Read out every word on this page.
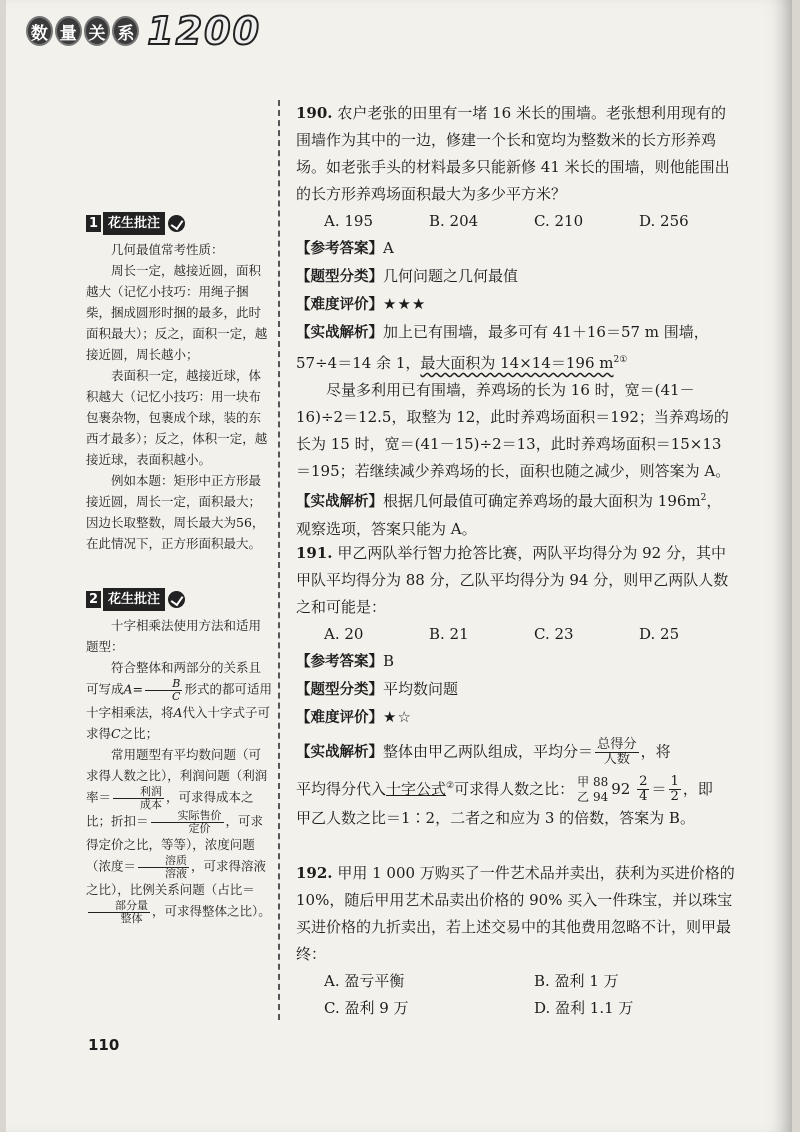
数 量 关 系 1200
1 花生批注

几何最值常考性质：

周长一定，越接近圆，面积越大（记忆小技巧：用绳子捆柴，捆成圆形时捆的最多，此时面积最大）；反之，面积一定，越接近圆，周长越小；

表面积一定，越接近球，体积越大（记忆小技巧：用一块布包裹杂物，包裹成个球，装的东西才最多）；反之，体积一定，越接近球，表面积越小。

例如本题：矩形中正方形最接近圆，周长一定，面积最大；因边长取整数，周长最大为56，在此情况下，正方形面积最大。

2 花生批注

十字相乘法使用方法和适用题型：

符合整体和两部分的关系且可写成$A= \frac{B}{C}$ 形式的都可适用十字相乘法，将A代入十字式子可求得C之比；

常用题型有平均数问题（可求得人数之比），利润问题（利润率＝ $\frac{\text{利润}}{\text{成本}}$ ，可求得成本之比；折扣＝ $\frac{\text{实际售价}}{\text{定价}}$ ，可求得定价之比，等等），浓度问题（浓度＝ $\frac{\text{溶质}}{\text{溶液}}$ ，可求得溶液之比），比例关系问题（占比＝
$\frac{\text{部分量}}{\text{整体}}$ ，可求得整体之比）。

190. 农户老张的田里有一堵 16 米长的围墙。老张想利用现有的围墙作为其中的一边，修建一个长和宽均为整数米的长方形养鸡场。如老张手头的材料最多只能新修 41 米长的围墙，则他能围出的长方形养鸡场面积最大为多少平方米？

A. 195	B. 204	C. 210	D. 256

【参考答案】A

【题型分类】几何问题之几何最值

【难度评价】★★★

【实战解析】加上已有围墙，最多可有 41＋16＝57 m 围墙，57÷4＝14 余 1，最大面积为 14×14＝196 $m^{2①}$

尽量多利用已有围墙，养鸡场的长为 16 时，宽＝(41－16)÷2＝12.5，取整为 12，此时养鸡场面积＝192；当养鸡场的长为 15 时，宽＝(41－15)÷2＝13，此时养鸡场面积＝15×13＝195；若继续减少养鸡场的长，面积也随之减少，则答案为 A。

【实战解析】根据几何最值可确定养鸡场的最大面积为 $196m^2$，观察选项，答案只能为 A。

191. 甲乙两队举行智力抢答比赛，两队平均得分为 92 分，其中甲队平均得分为 88 分，乙队平均得分为 94 分，则甲乙两队人数之和可能是：

A. 20	B. 21	C. 23	D. 25

【参考答案】B

【题型分类】平均数问题

【难度评价】★☆

【实战解析】整体由甲乙两队组成，平均分＝ $\frac{\text{总得分}}{\text{人数}}$ ，将

平均得分代入十字公式②可求得人数之比： 甲 88
乙 94 $92 \frac{2}{4} = \frac{1}{2}$ ，即

甲乙人数之比＝1∶2，二者之和应为 3 的倍数，答案为 B。

192. 甲用 1 000 万购买了一件艺术品并卖出，获利为买进价格的 10%，随后甲用艺术品卖出价格的 90% 买入一件珠宝，并以珠宝买进价格的九折卖出，若上述交易中的其他费用忽略不计，则甲最终：

A. 盈亏平衡	B. 盈利 1 万
C. 盈利 9 万	D. 盈利 1.1 万
110
